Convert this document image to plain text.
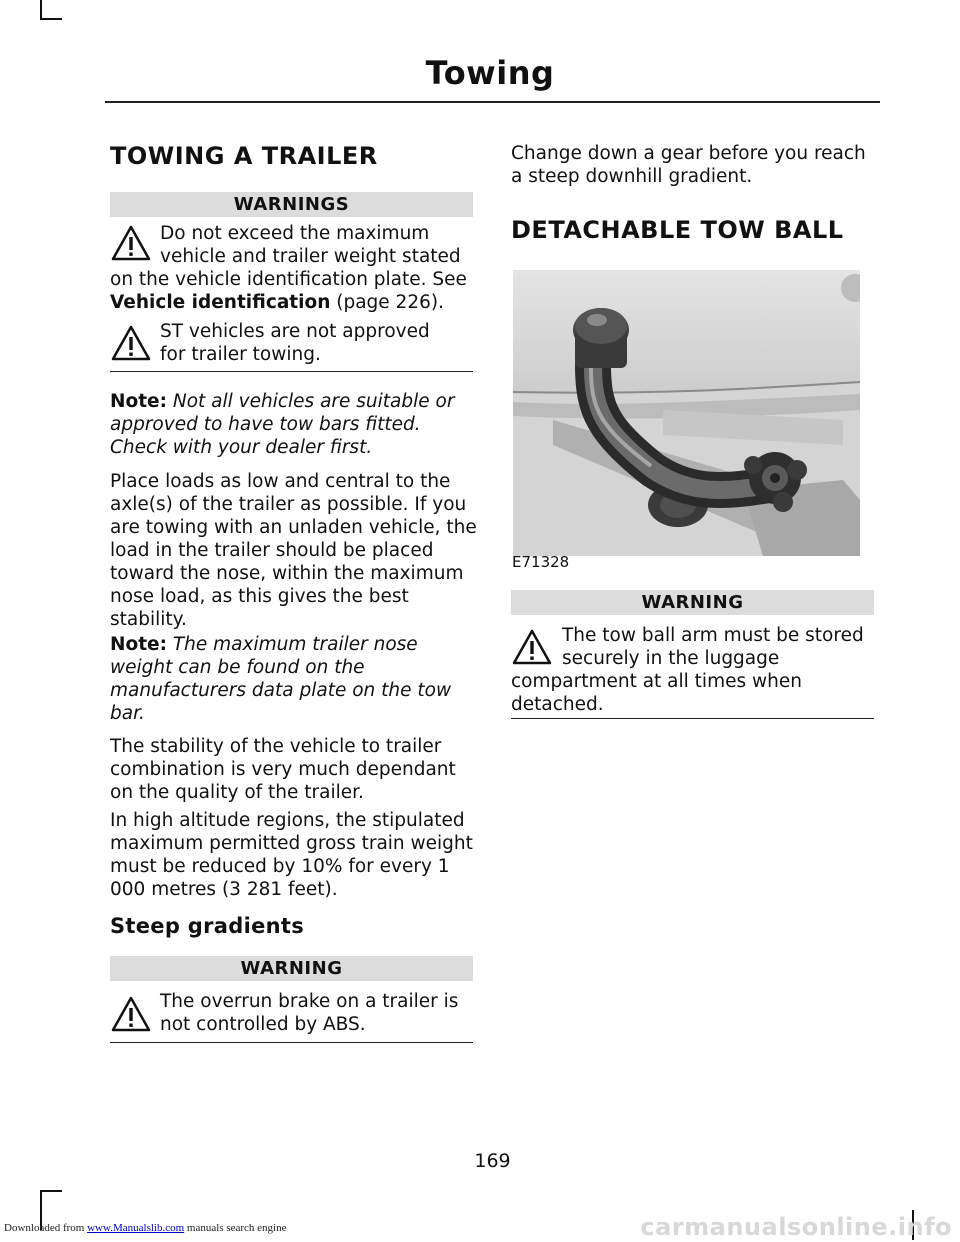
Towing
TOWING A TRAILER
WARNINGS
Do not exceed the maximum
vehicle and trailer weight stated
on the vehicle identification plate. See
Vehicle identification (page 226).
ST vehicles are not approved
for trailer towing.
Note: Not all vehicles are suitable or approved to have tow bars fitted. Check with your dealer first.
Place loads as low and central to the axle(s) of the trailer as possible. If you are towing with an unladen vehicle, the load in the trailer should be placed toward the nose, within the maximum nose load, as this gives the best stability.
Note: The maximum trailer nose weight can be found on the manufacturers data plate on the tow bar.
The stability of the vehicle to trailer combination is very much dependant on the quality of the trailer.
In high altitude regions, the stipulated maximum permitted gross train weight must be reduced by 10% for every 1 000 metres (3 281 feet).
Steep gradients
WARNING
The overrun brake on a trailer is
not controlled by ABS.
Change down a gear before you reach a steep downhill gradient.
DETACHABLE TOW BALL
E71328
WARNING
The tow ball arm must be stored
securely in the luggage
compartment at all times when
detached.
169
Downloaded from www.Manualslib.com manuals search engine	carmanualsonline.info
